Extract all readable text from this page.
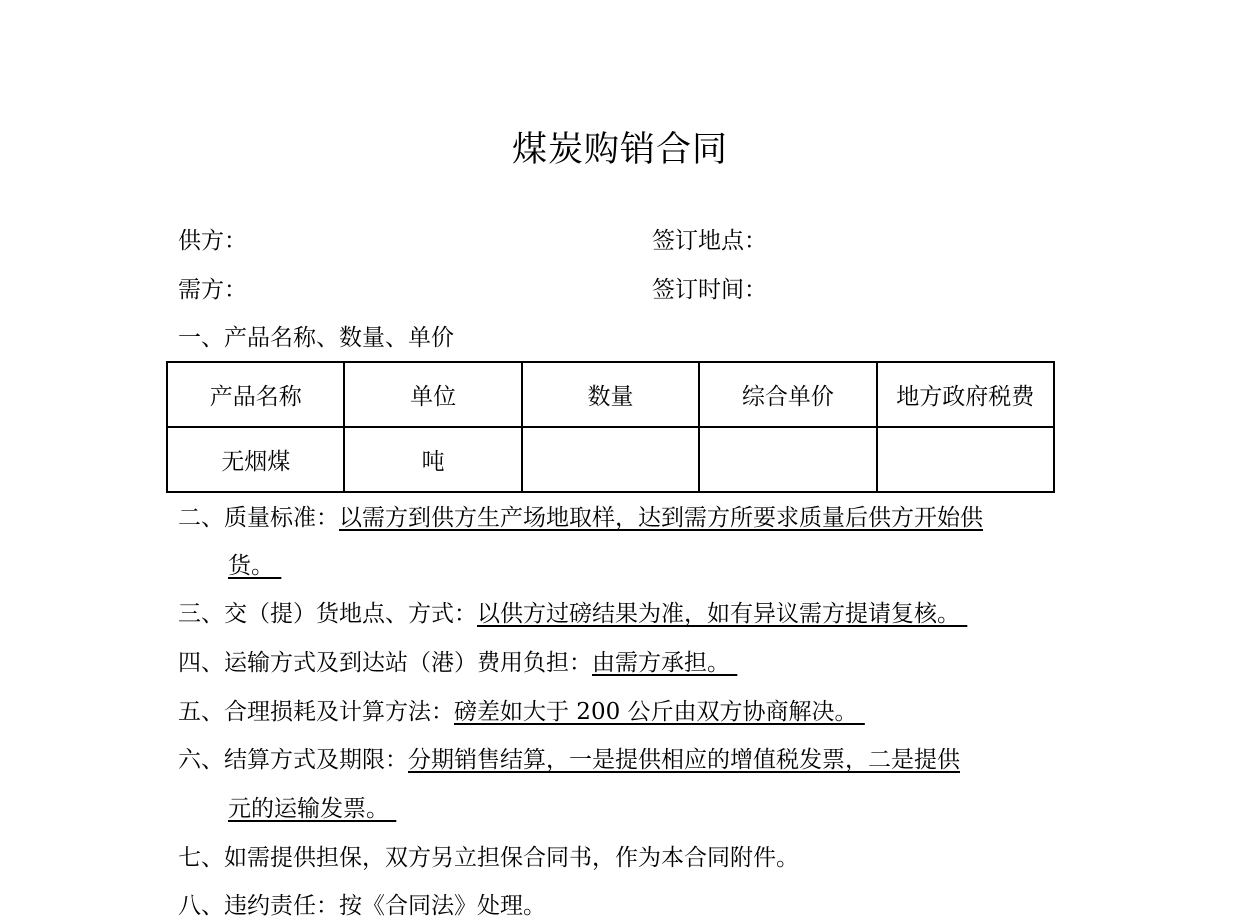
煤炭购销合同
供方：	签订地点：
需方：	签订时间：
一、产品名称、数量、单价
产品名称	单位	数量	综合单价	地方政府税费
无烟煤	吨			
二、质量标准：以需方到供方生产场地取样，达到需方所要求质量后供方开始供
货。
三、交（提）货地点、方式：以供方过磅结果为准，如有异议需方提请复核。
四、运输方式及到达站（港）费用负担：由需方承担。
五、合理损耗及计算方法：磅差如大于 200 公斤由双方协商解决。
六、结算方式及期限：分期销售结算，一是提供相应的增值税发票，二是提供
元的运输发票。
七、如需提供担保，双方另立担保合同书，作为本合同附件。
八、违约责任：按《合同法》处理。
